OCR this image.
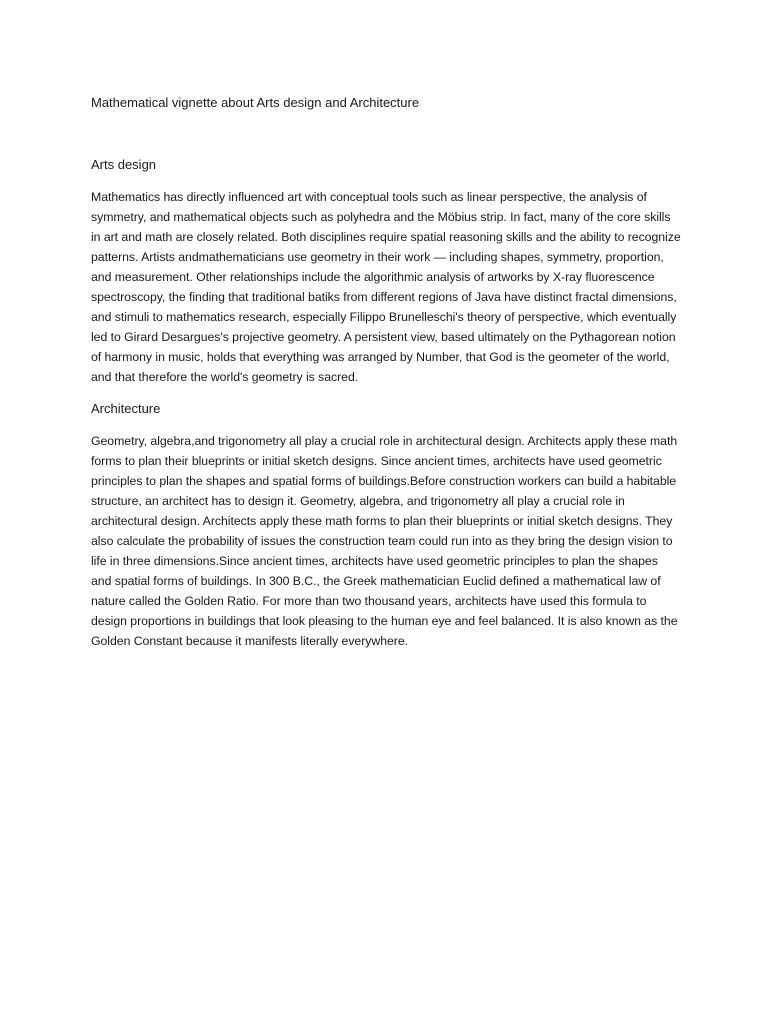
Mathematical vignette about Arts design and Architecture
Arts design

Mathematics has directly influenced art with conceptual tools such as linear perspective, the analysis of symmetry, and mathematical objects such as polyhedra and the Möbius strip. In fact, many of the core skills in art and math are closely related. Both disciplines require spatial reasoning skills and the ability to recognize patterns. Artists andmathematicians use geometry in their work — including shapes, symmetry, proportion, and measurement. Other relationships include the algorithmic analysis of artworks by X-ray fluorescence spectroscopy, the finding that traditional batiks from different regions of Java have distinct fractal dimensions, and stimuli to mathematics research, especially Filippo Brunelleschi's theory of perspective, which eventually led to Girard Desargues's projective geometry. A persistent view, based ultimately on the Pythagorean notion of harmony in music, holds that everything was arranged by Number, that God is the geometer of the world, and that therefore the world's geometry is sacred.

Architecture

Geometry, algebra,and trigonometry all play a crucial role in architectural design. Architects apply these math forms to plan their blueprints or initial sketch designs. Since ancient times, architects have used geometric principles to plan the shapes and spatial forms of buildings.Before construction workers can build a habitable structure, an architect has to design it. Geometry, algebra, and trigonometry all play a crucial role in architectural design. Architects apply these math forms to plan their blueprints or initial sketch designs. They also calculate the probability of issues the construction team could run into as they bring the design vision to life in three dimensions.Since ancient times, architects have used geometric principles to plan the shapes and spatial forms of buildings. In 300 B.C., the Greek mathematician Euclid defined a mathematical law of nature called the Golden Ratio. For more than two thousand years, architects have used this formula to design proportions in buildings that look pleasing to the human eye and feel balanced. It is also known as the Golden Constant because it manifests literally everywhere.
